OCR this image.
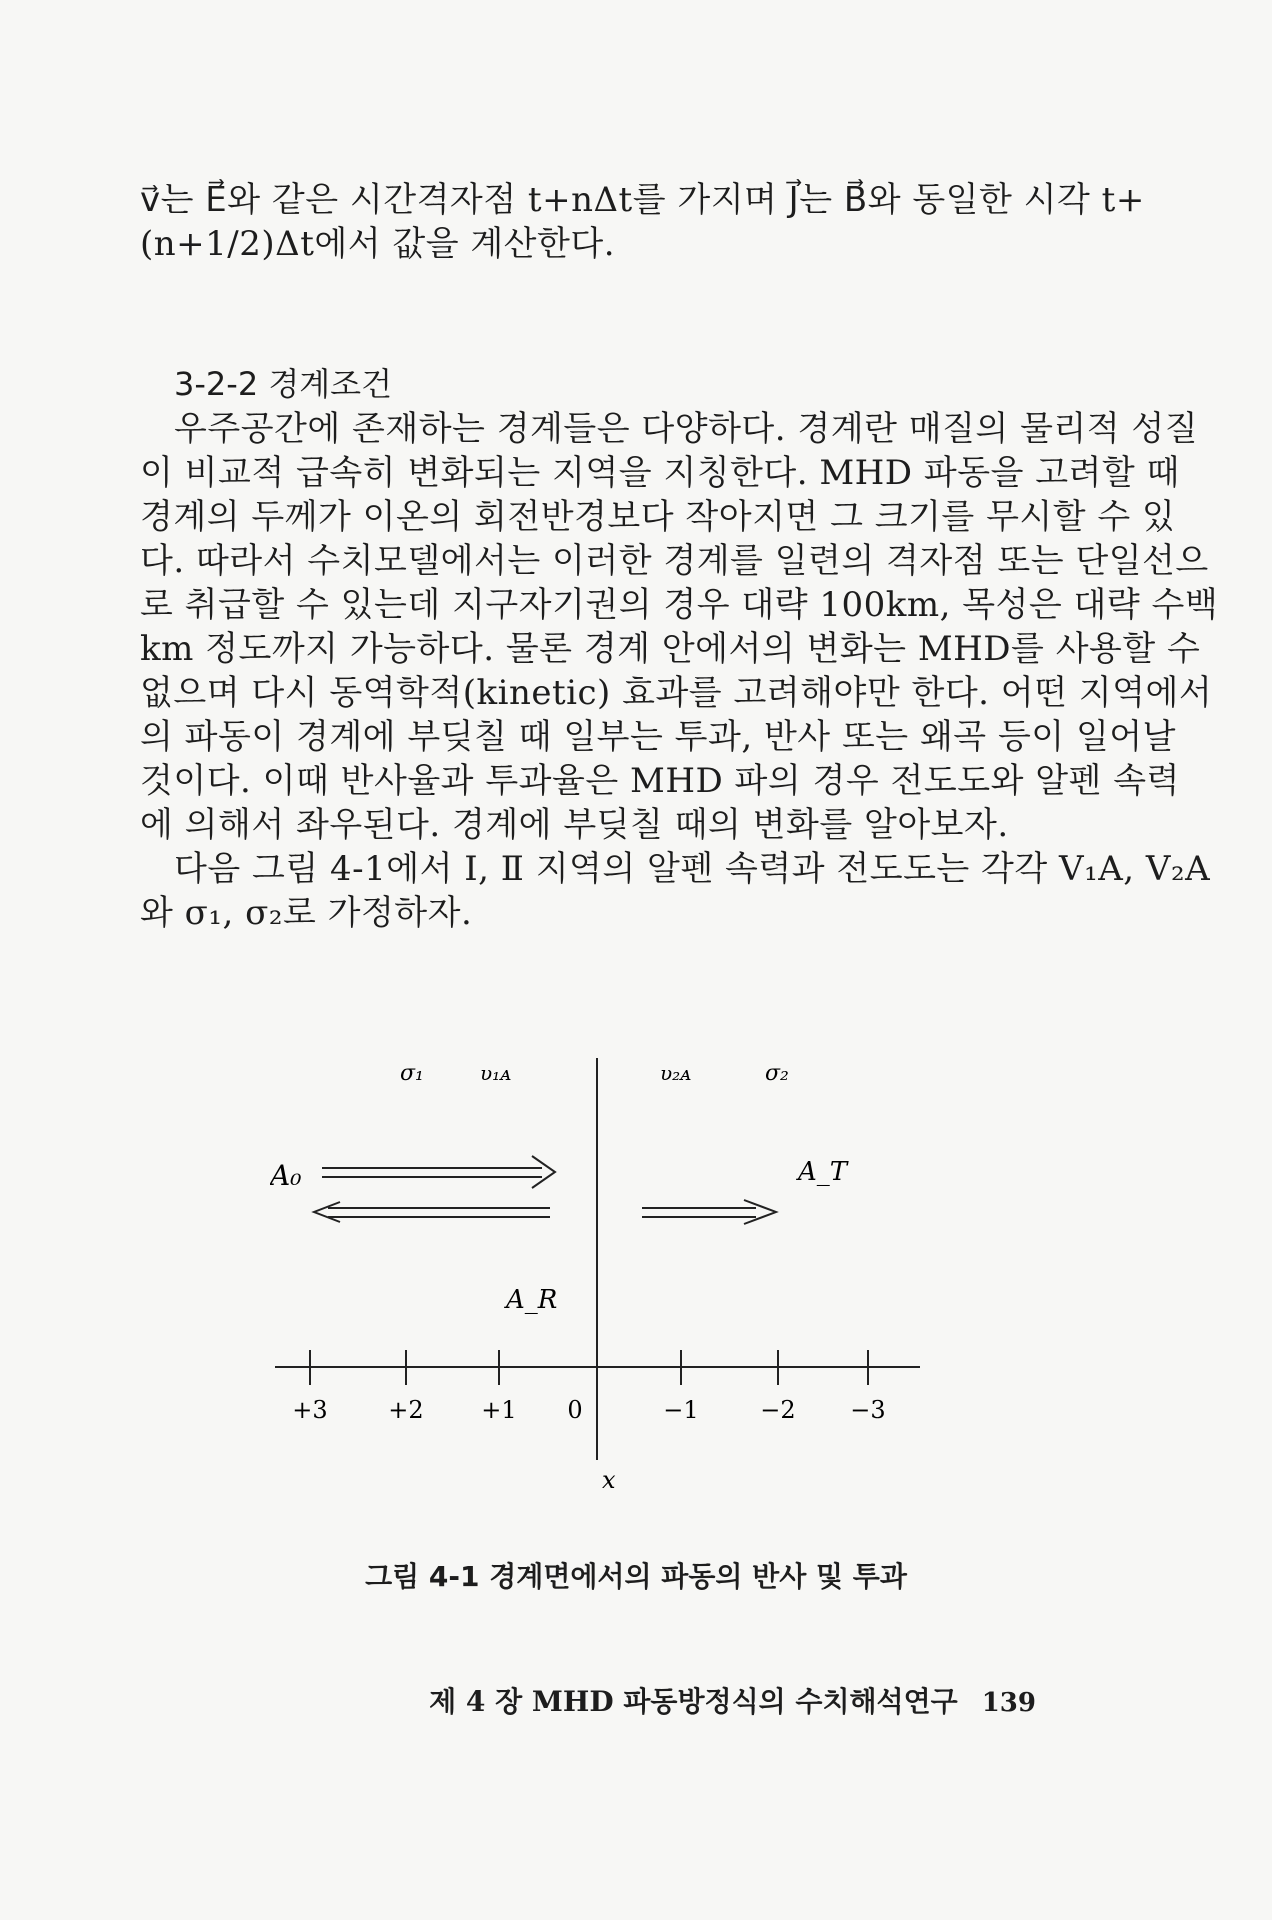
v⃗는 E⃗와 같은 시간격자점 t+nΔt를 가지며 J⃗는 B⃗와 동일한 시각 t+
(n+1/2)Δt에서 값을 계산한다.
3-2-2 경계조건
우주공간에 존재하는 경계들은 다양하다. 경계란 매질의 물리적 성질
이 비교적 급속히 변화되는 지역을 지칭한다. MHD 파동을 고려할 때
경계의 두께가 이온의 회전반경보다 작아지면 그 크기를 무시할 수 있
다. 따라서 수치모델에서는 이러한 경계를 일련의 격자점 또는 단일선으
로 취급할 수 있는데 지구자기권의 경우 대략 100km, 목성은 대략 수백
km 정도까지 가능하다. 물론 경계 안에서의 변화는 MHD를 사용할 수
없으며 다시 동역학적(kinetic) 효과를 고려해야만 한다. 어떤 지역에서
의 파동이 경계에 부딪칠 때 일부는 투과, 반사 또는 왜곡 등이 일어날
것이다. 이때 반사율과 투과율은 MHD 파의 경우 전도도와 알펜 속력
에 의해서 좌우된다. 경계에 부딪칠 때의 변화를 알아보자.
다음 그림 4-1에서 Ⅰ, Ⅱ 지역의 알펜 속력과 전도도는 각각 V₁A, V₂A
와 σ₁, σ₂로 가정하자.
σ₁	υ₁ᴀ	υ₂ᴀ	σ₂
A₀
A_R
A_T
+3	+2 +1 0	−1	−2 −3
x
그림 4-1 경계면에서의 파동의 반사 및 투과
제 4 장 MHD 파동방정식의 수치해석연구 139
